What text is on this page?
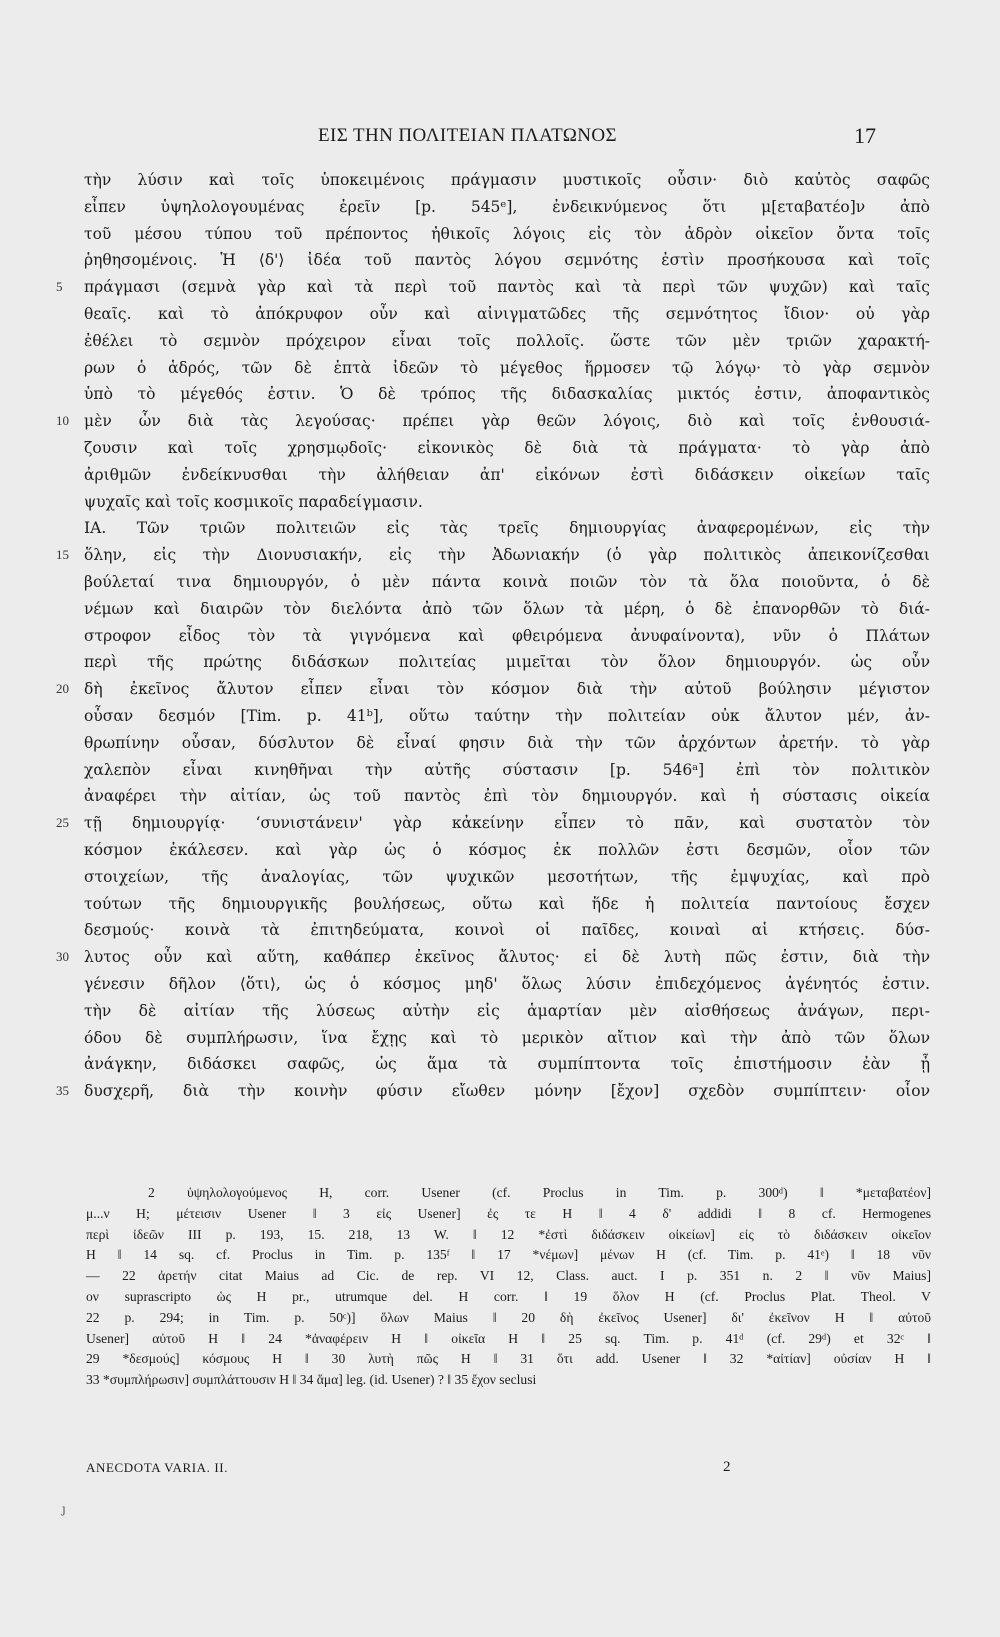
ΕΙΣ ΤΗΝ ΠΟΛΙΤΕΙΑΝ ΠΛΑΤΩΝΟΣ	17
τὴν λύσιν καὶ τοῖς ὑποκειμένοις πράγμασιν μυστικοῖς οὖσιν· διὸ καὐτὸς σαφῶς
εἶπεν ὑψηλολογουμένας ἐρεῖν [p. 545ᵉ], ἐνδεικνύμενος ὅτι μ[εταβατέο]ν ἀπὸ
τοῦ μέσου τύπου τοῦ πρέποντος ἠθικοῖς λόγοις εἰς τὸν ἁδρὸν οἰκεῖον ὄντα τοῖς
ῥηθησομένοις. Ἡ ⟨δ'⟩ ἰδέα τοῦ παντὸς λόγου σεμνότης ἐστὶν προσήκουσα καὶ τοῖς
5	πράγμασι (σεμνὰ γὰρ καὶ τὰ περὶ τοῦ παντὸς καὶ τὰ περὶ τῶν ψυχῶν) καὶ ταῖς
θεαῖς. καὶ τὸ ἀπόκρυφον οὖν καὶ αἰνιγματῶδες τῆς σεμνότητος ἴδιον· οὐ γὰρ
ἐθέλει τὸ σεμνὸν πρόχειρον εἶναι τοῖς πολλοῖς. ὥστε τῶν μὲν τριῶν χαρακτή-
ρων ὁ ἁδρός, τῶν δὲ ἑπτὰ ἰδεῶν τὸ μέγεθος ἥρμοσεν τῷ λόγῳ· τὸ γὰρ σεμνὸν
ὑπὸ τὸ μέγεθός ἐστιν. Ὁ δὲ τρόπος τῆς διδασκαλίας μικτός ἐστιν, ἀποφαντικὸς
10 μὲν ὧν διὰ τὰς λεγούσας· πρέπει γὰρ θεῶν λόγοις, διὸ καὶ τοῖς ἐνθουσιά-
ζουσιν καὶ τοῖς χρησμῳδοῖς· εἰκονικὸς δὲ διὰ τὰ πράγματα· τὸ γὰρ ἀπὸ
ἀριθμῶν ἐνδείκνυσθαι τὴν ἀλήθειαν ἀπ' εἰκόνων ἐστὶ διδάσκειν οἰκείων ταῖς
ψυχαῖς καὶ τοῖς κοσμικοῖς παραδείγμασιν.
ΙΑ. Τῶν τριῶν πολιτειῶν εἰς τὰς τρεῖς δημιουργίας ἀναφερομένων, εἰς τὴν
15 ὅλην, εἰς τὴν Διονυσιακήν, εἰς τὴν Ἀδωνιακήν (ὁ γὰρ πολιτικὸς ἀπεικονίζεσθαι
βούλεταί τινα δημιουργόν, ὁ μὲν πάντα κοινὰ ποιῶν τὸν τὰ ὅλα ποιοῦντα, ὁ δὲ
νέμων καὶ διαιρῶν τὸν διελόντα ἀπὸ τῶν ὅλων τὰ μέρη, ὁ δὲ ἐπανορθῶν τὸ διά-
στροφον εἶδος τὸν τὰ γιγνόμενα καὶ φθειρόμενα ἀνυφαίνοντα), νῦν ὁ Πλάτων
περὶ τῆς πρώτης διδάσκων πολιτείας μιμεῖται τὸν ὅλον δημιουργόν. ὡς οὖν
20 δὴ ἐκεῖνος ἄλυτον εἶπεν εἶναι τὸν κόσμον διὰ τὴν αὐτοῦ βούλησιν μέγιστον
οὖσαν δεσμόν [Tim. p. 41ᵇ], οὕτω ταύτην τὴν πολιτείαν οὐκ ἄλυτον μέν, ἀν-
θρωπίνην οὖσαν, δύσλυτον δὲ εἶναί φησιν διὰ τὴν τῶν ἀρχόντων ἀρετήν. τὸ γὰρ
χαλεπὸν εἶναι κινηθῆναι τὴν αὐτῆς σύστασιν [p. 546ᵃ] ἐπὶ τὸν πολιτικὸν
ἀναφέρει τὴν αἰτίαν, ὡς τοῦ παντὸς ἐπὶ τὸν δημιουργόν. καὶ ἡ σύστασις οἰκεία
25 τῇ δημιουργίᾳ· ʻσυνιστάνειν' γὰρ κἀκείνην εἶπεν τὸ πᾶν, καὶ συστατὸν τὸν
κόσμον ἐκάλεσεν. καὶ γὰρ ὡς ὁ κόσμος ἐκ πολλῶν ἐστι δεσμῶν, οἷον τῶν
στοιχείων, τῆς ἀναλογίας, τῶν ψυχικῶν μεσοτήτων, τῆς ἐμψυχίας, καὶ πρὸ
τούτων τῆς δημιουργικῆς βουλήσεως, οὕτω καὶ ἥδε ἡ πολιτεία παντοίους ἔσχεν
δεσμούς· κοινὰ τὰ ἐπιτηδεύματα, κοινοὶ οἱ παῖδες, κοιναὶ αἱ κτήσεις. δύσ-
30 λυτος οὖν καὶ αὕτη, καθάπερ ἐκεῖνος ἄλυτος· εἰ δὲ λυτὴ πῶς ἐστιν, διὰ τὴν
γένεσιν δῆλον ⟨ὅτι⟩, ὡς ὁ κόσμος μηδ' ὅλως λύσιν ἐπιδεχόμενος ἀγένητός ἐστιν.
τὴν δὲ αἰτίαν τῆς λύσεως αὐτὴν εἰς ἁμαρτίαν μὲν αἰσθήσεως ἀνάγων, περι-
όδου δὲ συμπλήρωσιν, ἵνα ἔχῃς καὶ τὸ μερικὸν αἴτιον καὶ τὴν ἀπὸ τῶν ὅλων
ἀνάγκην, διδάσκει σαφῶς, ὡς ἅμα τὰ συμπίπτοντα τοῖς ἐπιστήμοσιν ἐὰν ᾖ
35 δυσχερῆ, διὰ τὴν κοινὴν φύσιν εἴωθεν μόνην [ἔχον] σχεδὸν συμπίπτειν· οἷον
2 ὑψηλολογούμενος H, corr. Usener (cf. Proclus in Tim. p. 300ᵈ) ‖ *μεταβατέον]
μ...ν H; μέτεισιν Usener ‖ 3 εἰς Usener] ἐς τε H ‖ 4 δ' addidi ‖ 8 cf. Hermogenes
περὶ ἰδεῶν III p. 193, 15. 218, 13 W. ‖ 12 *ἐστὶ διδάσκειν οἰκείων] εἰς τὸ διδάσκειν οἰκεῖον
H ‖ 14 sq. cf. Proclus in Tim. p. 135ᶠ ‖ 17 *νέμων] μένων H (cf. Tim. p. 41ᵉ) ‖ 18 νῦν
— 22 ἀρετήν citat Maius ad Cic. de rep. VI 12, Class. auct. I p. 351 n. 2 ‖ νῦν Maius]
ον suprascripto ὡς H pr., utrumque del. H corr. ‖ 19 ὅλον H (cf. Proclus Plat. Theol. V
22 p. 294; in Tim. p. 50ᶜ)] ὅλων Maius ‖ 20 δὴ ἐκεῖνος Usener] δι' ἐκεῖνον H ‖ αὐτοῦ
Usener] αὐτοῦ H ‖ 24 *ἀναφέρειν H ‖ οἰκεῖα H ‖ 25 sq. Tim. p. 41ᵈ (cf. 29ᵈ) et 32ᶜ ‖
29 *δεσμούς] κόσμους H ‖ 30 λυτὴ πῶς H ‖ 31 ὅτι add. Usener ‖ 32 *αἰτίαν] οὐσίαν H ‖
33 *συμπλήρωσιν] συμπλάττουσιν H ‖ 34 ἅμα] leg. (id. Usener) ? ‖ 35 ἔχον seclusi
ANECDOTA VARIA. II.	2
ȷ
